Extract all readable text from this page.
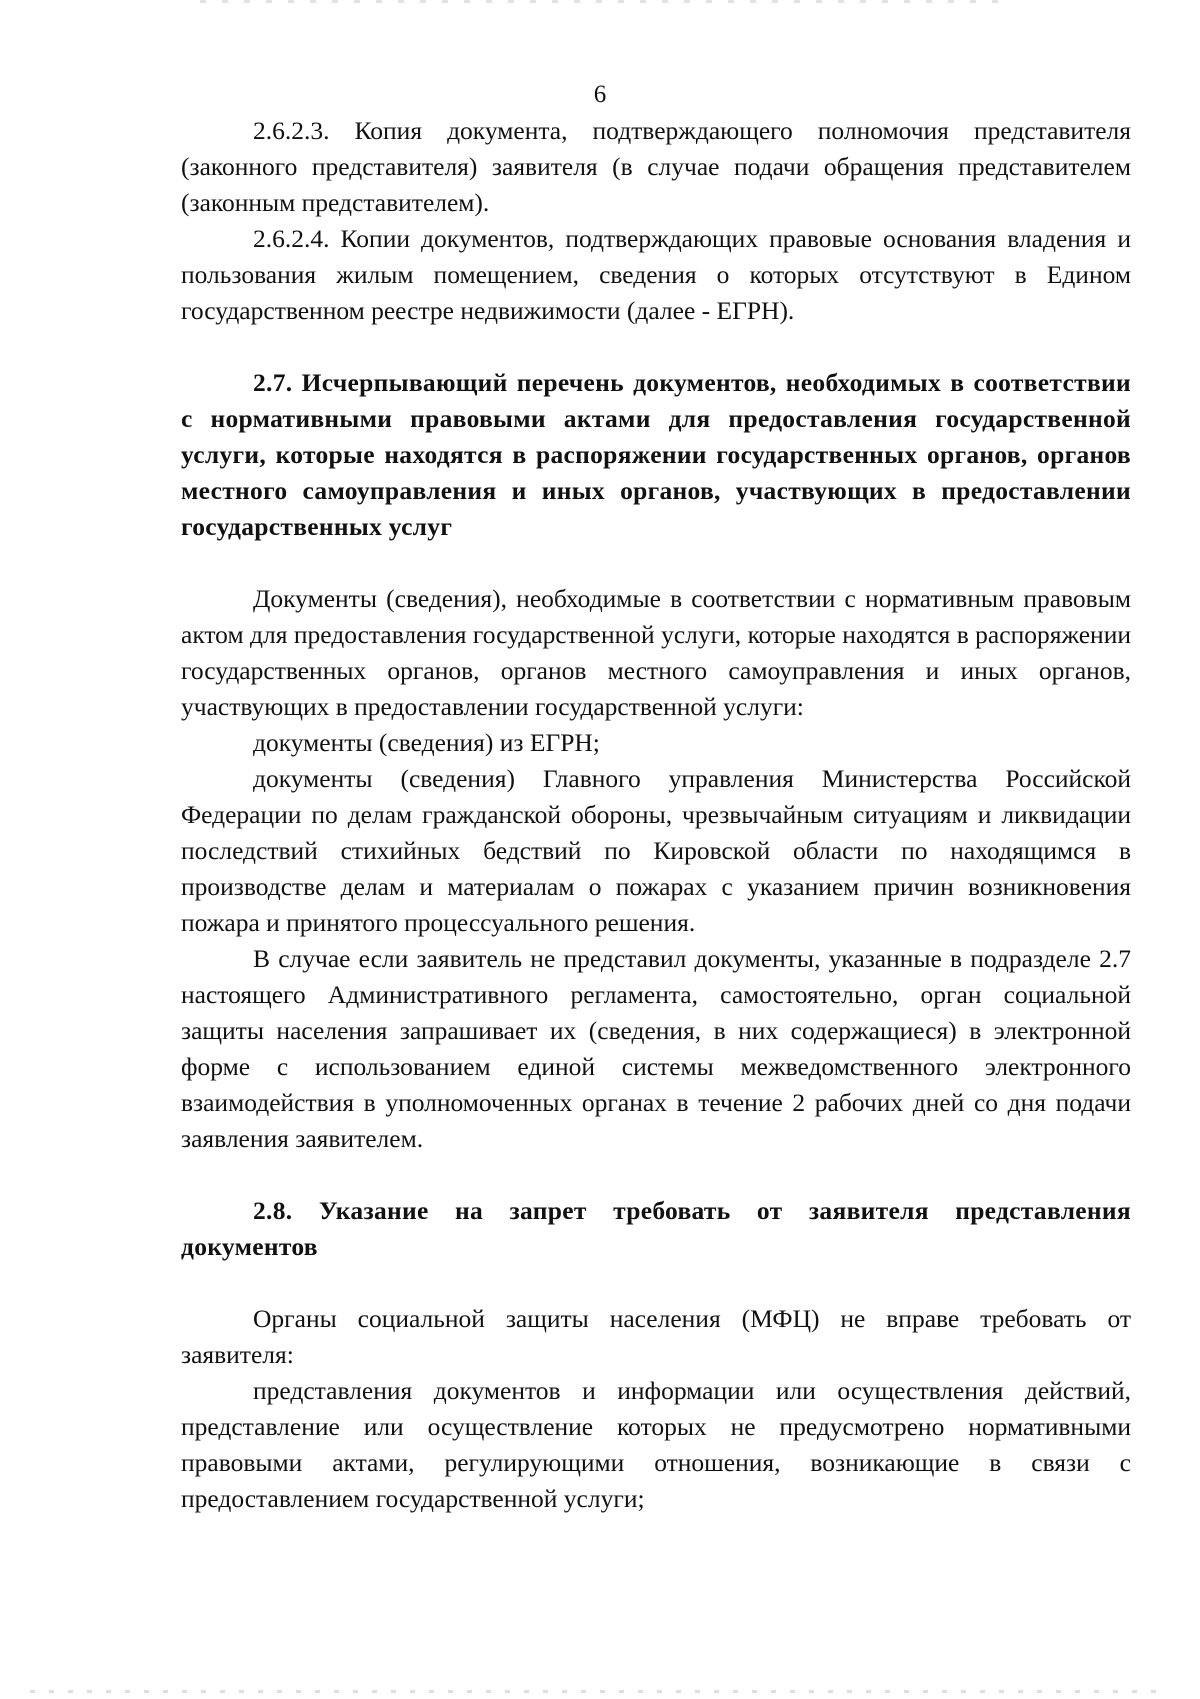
6

2.6.2.3. Копия документа, подтверждающего полномочия представителя (законного представителя) заявителя (в случае подачи обращения представителем (законным представителем).

2.6.2.4. Копии документов, подтверждающих правовые основания владения и пользования жилым помещением, сведения о которых отсутствуют в Едином государственном реестре недвижимости (далее - ЕГРН).

2.7. Исчерпывающий перечень документов, необходимых в соответствии с нормативными правовыми актами для предоставления государственной услуги, которые находятся в распоряжении государственных органов, органов местного самоуправления и иных органов, участвующих в предоставлении государственных услуг

Документы (сведения), необходимые в соответствии с нормативным правовым актом для предоставления государственной услуги, которые находятся в распоряжении государственных органов, органов местного самоуправления и иных органов, участвующих в предоставлении государственной услуги:

документы (сведения) из ЕГРН;

документы (сведения) Главного управления Министерства Российской Федерации по делам гражданской обороны, чрезвычайным ситуациям и ликвидации последствий стихийных бедствий по Кировской области по находящимся в производстве делам и материалам о пожарах с указанием причин возникновения пожара и принятого процессуального решения.

В случае если заявитель не представил документы, указанные в подразделе 2.7 настоящего Административного регламента, самостоятельно, орган социальной защиты населения запрашивает их (сведения, в них содержащиеся) в электронной форме с использованием единой системы межведомственного электронного взаимодействия в уполномоченных органах в течение 2 рабочих дней со дня подачи заявления заявителем.

2.8. Указание на запрет требовать от заявителя представления документов

Органы социальной защиты населения (МФЦ) не вправе требовать от заявителя:

представления документов и информации или осуществления действий, представление или осуществление которых не предусмотрено нормативными правовыми актами, регулирующими отношения, возникающие в связи с предоставлением государственной услуги;
